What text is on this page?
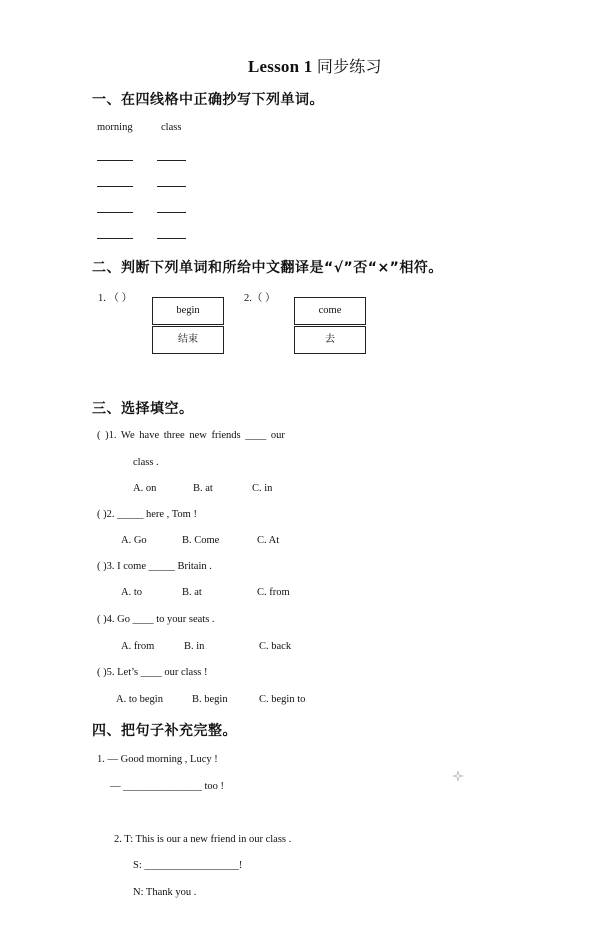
Lesson 1 同步练习
一、在四线格中正确抄写下列单词。
morning	class
二、判断下列单词和所给中文翻译是“√”否“×”相符。
1. （ ）
begin
结束
2.（ ）
come
去
三、选择填空。
( )1. We have three new friends ____ our
class .
A. on	B. at	C. in
( )2. _____ here , Tom !
A. Go	B. Come	C. At
( )3. I come _____ Britain .
A. to	B. at	C. from
( )4. Go ____ to your seats .
A. from	B. in	C. back
( )5. Let’s ____ our class !
A. to begin	B. begin	C. begin to
四、把句子补充完整。
1. — Good morning , Lucy !
— _______________ too !
2. T: This is our a new friend in our class .
S: __________________!
N: Thank you .
